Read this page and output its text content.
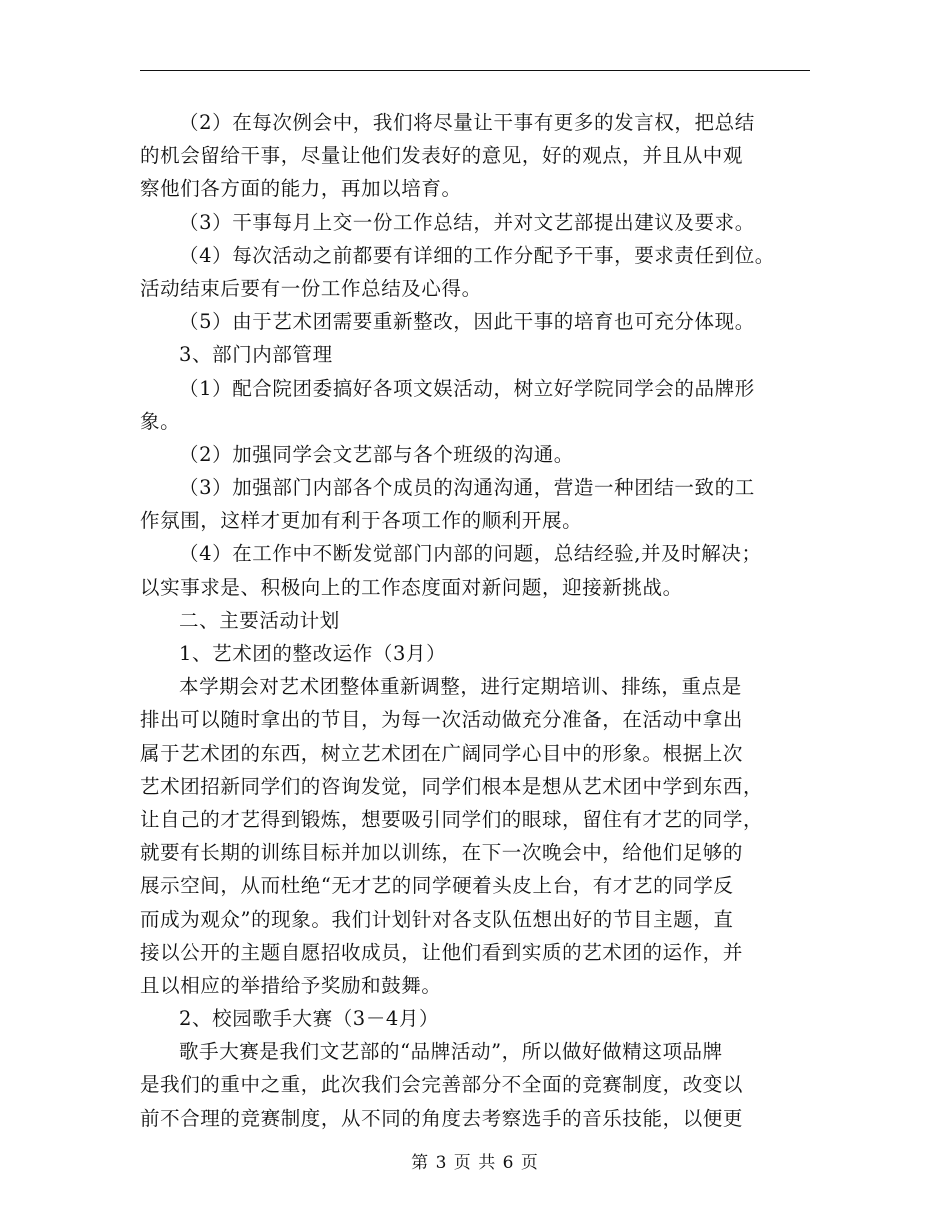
（2）在每次例会中，我们将尽量让干事有更多的发言权，把总结
的机会留给干事，尽量让他们发表好的意见，好的观点，并且从中观
察他们各方面的能力，再加以培育。
（3）干事每月上交一份工作总结，并对文艺部提出建议及要求。
（4）每次活动之前都要有详细的工作分配予干事，要求责任到位。
活动结束后要有一份工作总结及心得。
（5）由于艺术团需要重新整改，因此干事的培育也可充分体现。
3、部门内部管理
（1）配合院团委搞好各项文娱活动，树立好学院同学会的品牌形
象。
（2）加强同学会文艺部与各个班级的沟通。
（3）加强部门内部各个成员的沟通沟通，营造一种团结一致的工
作氛围，这样才更加有利于各项工作的顺利开展。
（4）在工作中不断发觉部门内部的问题，总结经验,并及时解决；
以实事求是、积极向上的工作态度面对新问题，迎接新挑战。
二、主要活动计划
1、艺术团的整改运作（3月）
本学期会对艺术团整体重新调整，进行定期培训、排练，重点是
排出可以随时拿出的节目，为每一次活动做充分准备，在活动中拿出
属于艺术团的东西，树立艺术团在广阔同学心目中的形象。根据上次
艺术团招新同学们的咨询发觉，同学们根本是想从艺术团中学到东西，
让自己的才艺得到锻炼，想要吸引同学们的眼球，留住有才艺的同学，
就要有长期的训练目标并加以训练，在下一次晚会中，给他们足够的
展示空间，从而杜绝“无才艺的同学硬着头皮上台，有才艺的同学反
而成为观众”的现象。我们计划针对各支队伍想出好的节目主题，直
接以公开的主题自愿招收成员，让他们看到实质的艺术团的运作，并
且以相应的举措给予奖励和鼓舞。
2、校园歌手大赛（3－4月）
歌手大赛是我们文艺部的“品牌活动”，所以做好做精这项品牌
是我们的重中之重，此次我们会完善部分不全面的竞赛制度，改变以
前不合理的竞赛制度，从不同的角度去考察选手的音乐技能，以便更
第 3 页 共 6 页
